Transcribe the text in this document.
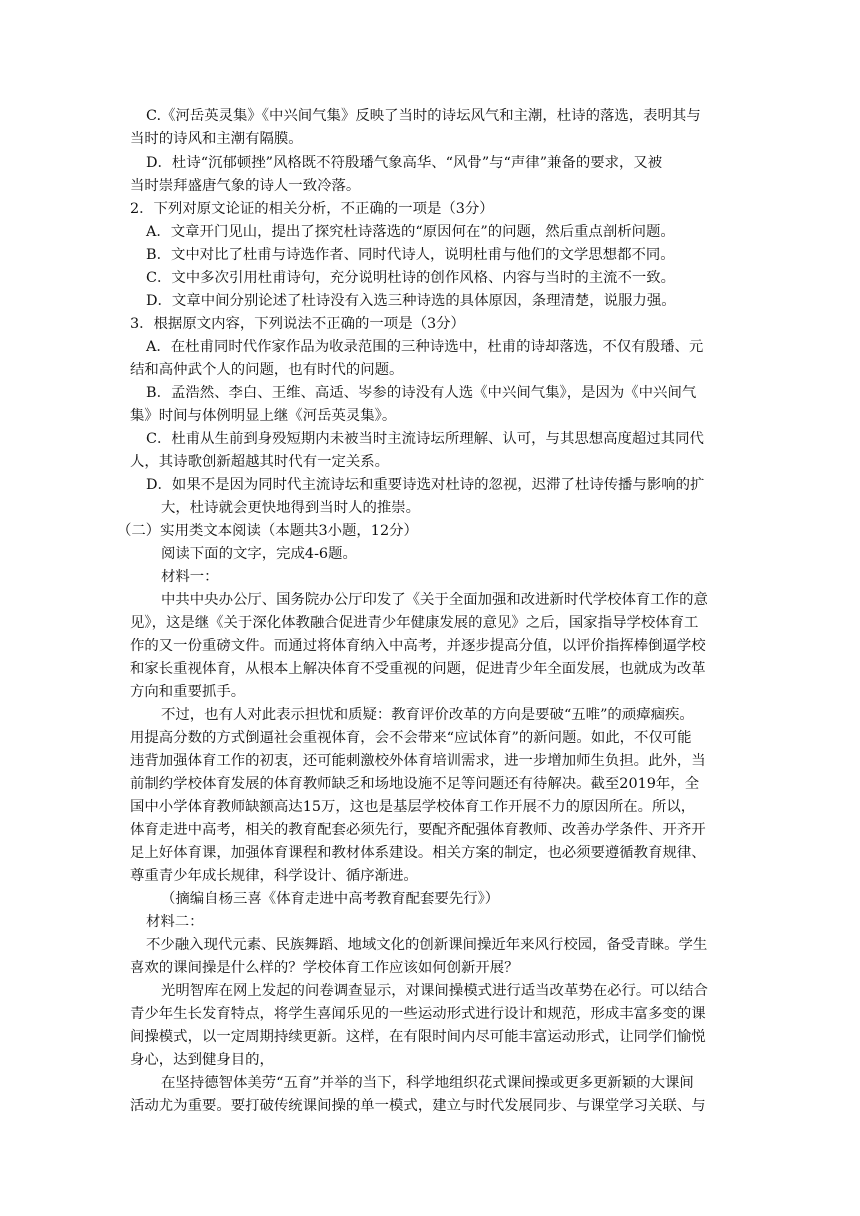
C.《河岳英灵集》《中兴间气集》反映了当时的诗坛风气和主潮，杜诗的落选，表明其与
当时的诗风和主潮有隔膜。
D．杜诗“沉郁顿挫”风格既不符殷璠气象高华、“风骨”与“声律”兼备的要求，又被
当时崇拜盛唐气象的诗人一致冷落。
2．下列对原文论证的相关分析，不正确的一项是（3分）
A．文章开门见山，提出了探究杜诗落选的“原因何在”的问题，然后重点剖析问题。
B．文中对比了杜甫与诗选作者、同时代诗人，说明杜甫与他们的文学思想都不同。
C．文中多次引用杜甫诗句，充分说明杜诗的创作风格、内容与当时的主流不一致。
D．文章中间分别论述了杜诗没有入选三种诗选的具体原因，条理清楚，说服力强。
3．根据原文内容，下列说法不正确的一项是（3分）
A．在杜甫同时代作家作品为收录范围的三种诗选中，杜甫的诗却落选，不仅有殷璠、元
结和高仲武个人的问题，也有时代的问题。
B．孟浩然、李白、王维、高适、岑参的诗没有人选《中兴间气集》，是因为《中兴间气
集》时间与体例明显上继《河岳英灵集》。
C．杜甫从生前到身殁短期内未被当时主流诗坛所理解、认可，与其思想高度超过其同代
人，其诗歌创新超越其时代有一定关系。
D．如果不是因为同时代主流诗坛和重要诗选对杜诗的忽视，迟滞了杜诗传播与影响的扩
大，杜诗就会更快地得到当时人的推崇。
（二）实用类文本阅读（本题共3小题，12分）
阅读下面的文字，完成4-6题。
材料一：
中共中央办公厅、国务院办公厅印发了《关于全面加强和改进新时代学校体育工作的意
见》，这是继《关于深化体教融合促进青少年健康发展的意见》之后，国家指导学校体育工
作的又一份重磅文件。而通过将体育纳入中高考，并逐步提高分值，以评价指挥棒倒逼学校
和家长重视体育，从根本上解决体育不受重视的问题，促进青少年全面发展，也就成为改革
方向和重要抓手。
不过，也有人对此表示担忧和质疑：教育评价改革的方向是要破“五唯”的顽瘴痼疾。
用提高分数的方式倒逼社会重视体育，会不会带来“应试体育”的新问题。如此，不仅可能
违背加强体育工作的初衷，还可能刺激校外体育培训需求，进一步增加师生负担。此外，当
前制约学校体育发展的体育教师缺乏和场地设施不足等问题还有待解决。截至2019年，全
国中小学体育教师缺额高达15万，这也是基层学校体育工作开展不力的原因所在。所以，
体育走进中高考，相关的教育配套必须先行，要配齐配强体育教师、改善办学条件、开齐开
足上好体育课，加强体育课程和教材体系建设。相关方案的制定，也必须要遵循教育规律、
尊重青少年成长规律，科学设计、循序渐进。
（摘编自杨三喜《体育走进中高考教育配套要先行》）
材料二：
不少融入现代元素、民族舞蹈、地域文化的创新课间操近年来风行校园，备受青睐。学生
喜欢的课间操是什么样的？学校体育工作应该如何创新开展？
光明智库在网上发起的问卷调查显示，对课间操模式进行适当改革势在必行。可以结合
青少年生长发育特点，将学生喜闻乐见的一些运动形式进行设计和规范，形成丰富多变的课
间操模式，以一定周期持续更新。这样，在有限时间内尽可能丰富运动形式，让同学们愉悦
身心，达到健身目的，
在坚持德智体美劳“五育”并举的当下，科学地组织花式课间操或更多更新颖的大课间
活动尤为重要。要打破传统课间操的单一模式，建立与时代发展同步、与课堂学习关联、与
